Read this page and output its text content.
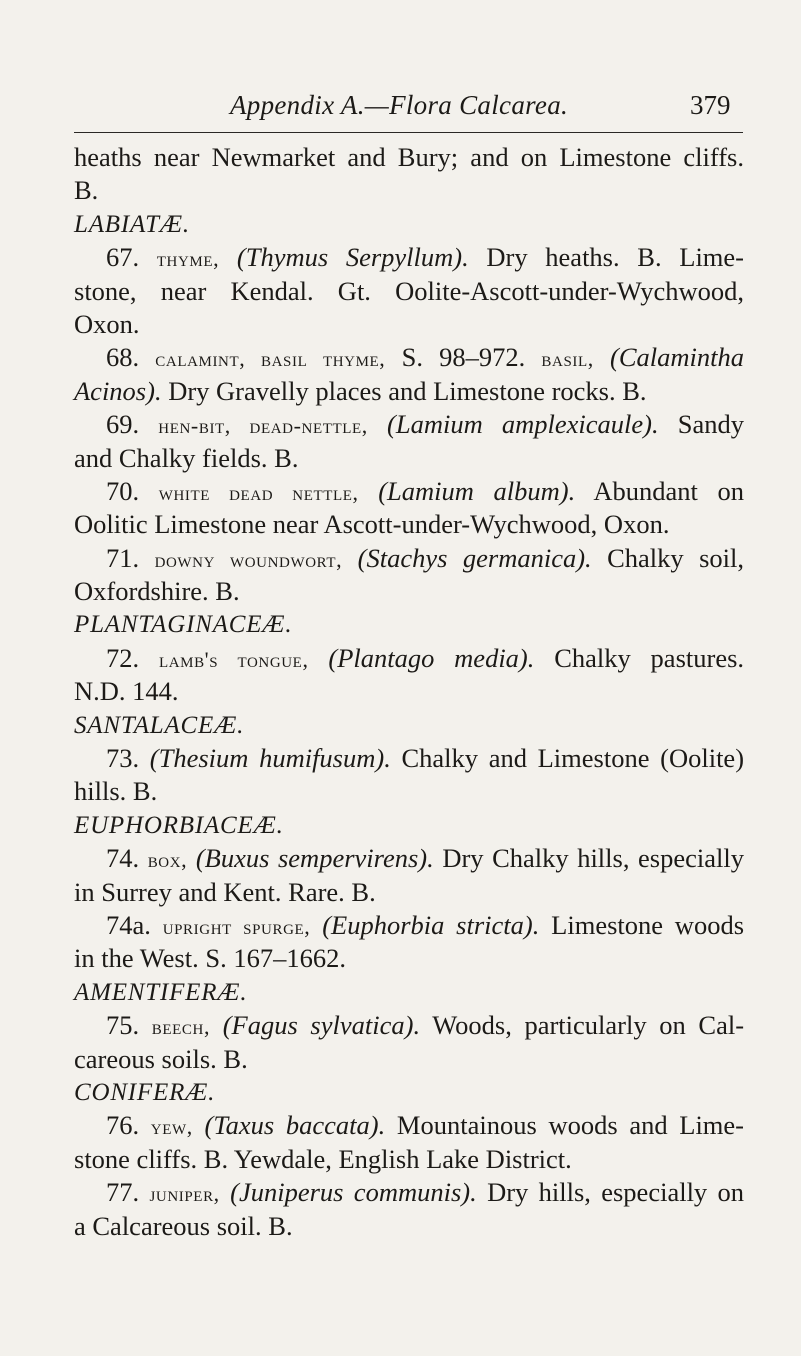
Appendix A.—Flora Calcarea.	379
heaths near Newmarket and Bury; and on Limestone cliffs.
B.
LABIATÆ.
67. thyme, (Thymus Serpyllum). Dry heaths. B. Lime-
stone, near Kendal. Gt. Oolite-Ascott-under-Wychwood,
Oxon.
68. calamint, basil thyme, S. 98–972. basil, (Calamintha
Acinos). Dry Gravelly places and Limestone rocks. B.
69. hen-bit, dead-nettle, (Lamium amplexicaule). Sandy
and Chalky fields. B.
70. white dead nettle, (Lamium album). Abundant on
Oolitic Limestone near Ascott-under-Wychwood, Oxon.
71. downy woundwort, (Stachys germanica). Chalky soil,
Oxfordshire. B.
PLANTAGINACEÆ.
72. lamb's tongue, (Plantago media). Chalky pastures.
N.D. 144.
SANTALACEÆ.
73. (Thesium humifusum). Chalky and Limestone (Oolite)
hills. B.
EUPHORBIACEÆ.
74. box, (Buxus sempervirens). Dry Chalky hills, especially
in Surrey and Kent. Rare. B.
74a. upright spurge, (Euphorbia stricta). Limestone woods
in the West. S. 167–1662.
AMENTIFERÆ.
75. beech, (Fagus sylvatica). Woods, particularly on Cal-
careous soils. B.
CONIFERÆ.
76. yew, (Taxus baccata). Mountainous woods and Lime-
stone cliffs. B. Yewdale, English Lake District.
77. juniper, (Juniperus communis). Dry hills, especially on
a Calcareous soil. B.
